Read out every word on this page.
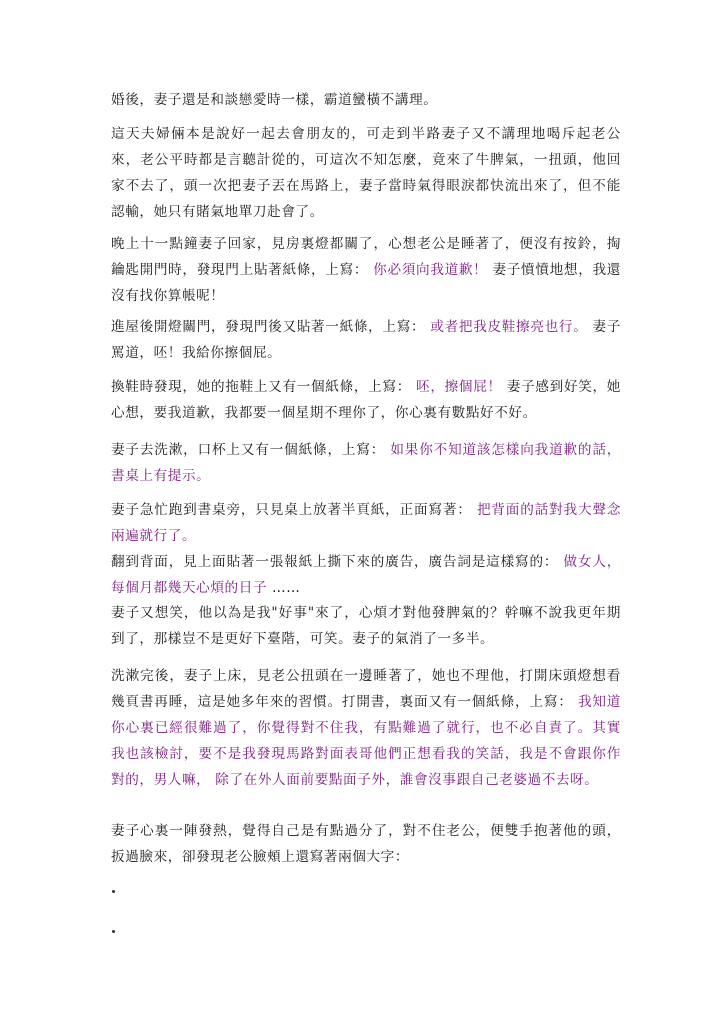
婚後，妻子還是和談戀愛時一樣，霸道蠻橫不講理。

這天夫婦倆本是說好一起去會朋友的，可走到半路妻子又不講理地喝斥起老公來，老公平時都是言聽計從的，可這次不知怎麼，竟來了牛脾氣，一扭頭，他回家不去了，頭一次把妻子丟在馬路上，妻子當時氣得眼淚都快流出來了，但不能認輸，她只有賭氣地單刀赴會了。

晚上十一點鐘妻子回家，見房裏燈都關了，心想老公是睡著了，便沒有按鈴，掏鑰匙開門時，發現門上貼著紙條，上寫： 你必須向我道歉！ 妻子憤憤地想，我還沒有找你算帳呢！

進屋後開燈關門，發現門後又貼著一紙條，上寫： 或者把我皮鞋擦亮也行。 妻子罵道，呸！我給你擦個屁。

換鞋時發現，她的拖鞋上又有一個紙條，上寫： 呸，擦個屁！ 妻子感到好笑，她心想，要我道歉，我都要一個星期不理你了，你心裏有數點好不好。

妻子去洗漱，口杯上又有一個紙條，上寫： 如果你不知道該怎樣向我道歉的話，書桌上有提示。

妻子急忙跑到書桌旁，只見桌上放著半頁紙，正面寫著： 把背面的話對我大聲念兩遍就行了。
翻到背面，見上面貼著一張報紙上撕下來的廣告，廣告詞是這樣寫的： 做女人，每個月都幾天心煩的日子 ……

妻子又想笑，他以為是我"好事"來了，心煩才對他發脾氣的？幹嘛不說我更年期到了，那樣豈不是更好下臺階，可笑。妻子的氣消了一多半。

洗漱完後，妻子上床，見老公扭頭在一邊睡著了，她也不理他，打開床頭燈想看幾頁書再睡，這是她多年來的習慣。打開書，裏面又有一個紙條，上寫： 我知道你心裏已經很難過了，你覺得對不住我，有點難過了就行，也不必自責了。其實我也該檢討，要不是我發現馬路對面表哥他們正想看我的笑話，我是不會跟你作對的，男人嘛， 除了在外人面前要點面子外，誰會沒事跟自己老婆過不去呀。

妻子心裏一陣發熱，覺得自己是有點過分了，對不住老公，便雙手抱著他的頭，扳過臉來，卻發現老公臉頰上還寫著兩個大字：
